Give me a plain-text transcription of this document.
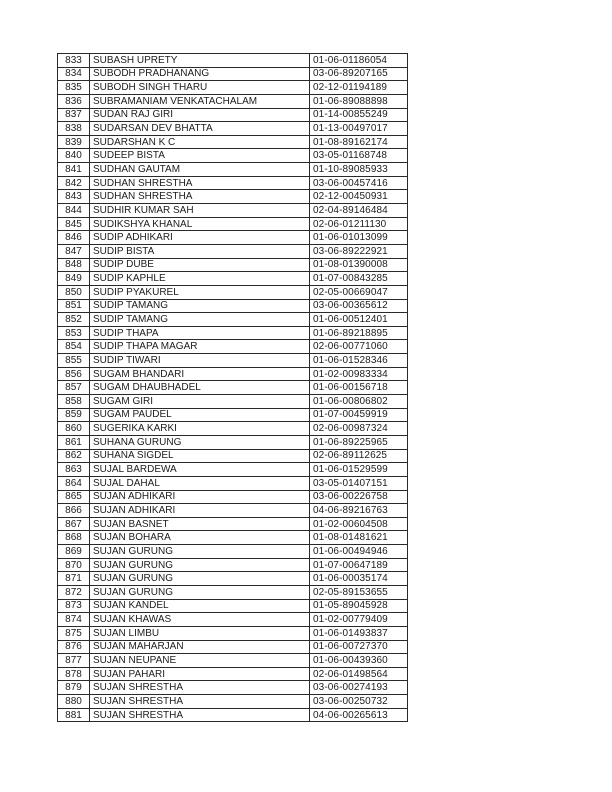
833	SUBASH UPRETY	01-06-01186054
834	SUBODH PRADHANANG	03-06-89207165
835	SUBODH SINGH THARU	02-12-01194189
836	SUBRAMANIAM VENKATACHALAM	01-06-89088898
837	SUDAN RAJ GIRI	01-14-00855249
838	SUDARSAN DEV BHATTA	01-13-00497017
839	SUDARSHAN K C	01-08-89162174
840	SUDEEP BISTA	03-05-01168748
841	SUDHAN GAUTAM	01-10-89085933
842	SUDHAN SHRESTHA	03-06-00457416
843	SUDHAN SHRESTHA	02-12-00450931
844	SUDHIR KUMAR SAH	02-04-89146484
845	SUDIKSHYA KHANAL	02-06-01211130
846	SUDIP ADHIKARI	01-06-01013099
847	SUDIP BISTA	03-06-89222921
848	SUDIP DUBE	01-08-01390008
849	SUDIP KAPHLE	01-07-00843285
850	SUDIP PYAKUREL	02-05-00669047
851	SUDIP TAMANG	03-06-00365612
852	SUDIP TAMANG	01-06-00512401
853	SUDIP THAPA	01-06-89218895
854	SUDIP THAPA MAGAR	02-06-00771060
855	SUDIP TIWARI	01-06-01528346
856	SUGAM BHANDARI	01-02-00983334
857	SUGAM DHAUBHADEL	01-06-00156718
858	SUGAM GIRI	01-06-00806802
859	SUGAM PAUDEL	01-07-00459919
860	SUGERIKA KARKI	02-06-00987324
861	SUHANA GURUNG	01-06-89225965
862	SUHANA SIGDEL	02-06-89112625
863	SUJAL BARDEWA	01-06-01529599
864	SUJAL DAHAL	03-05-01407151
865	SUJAN ADHIKARI	03-06-00226758
866	SUJAN ADHIKARI	04-06-89216763
867	SUJAN BASNET	01-02-00604508
868	SUJAN BOHARA	01-08-01481621
869	SUJAN GURUNG	01-06-00494946
870	SUJAN GURUNG	01-07-00647189
871	SUJAN GURUNG	01-06-00035174
872	SUJAN GURUNG	02-05-89153655
873	SUJAN KANDEL	01-05-89045928
874	SUJAN KHAWAS	01-02-00779409
875	SUJAN LIMBU	01-06-01493837
876	SUJAN MAHARJAN	01-06-00727370
877	SUJAN NEUPANE	01-06-00439360
878	SUJAN PAHARI	02-06-01498564
879	SUJAN SHRESTHA	03-06-00274193
880	SUJAN SHRESTHA	03-06-00250732
881	SUJAN SHRESTHA	04-06-00265613
